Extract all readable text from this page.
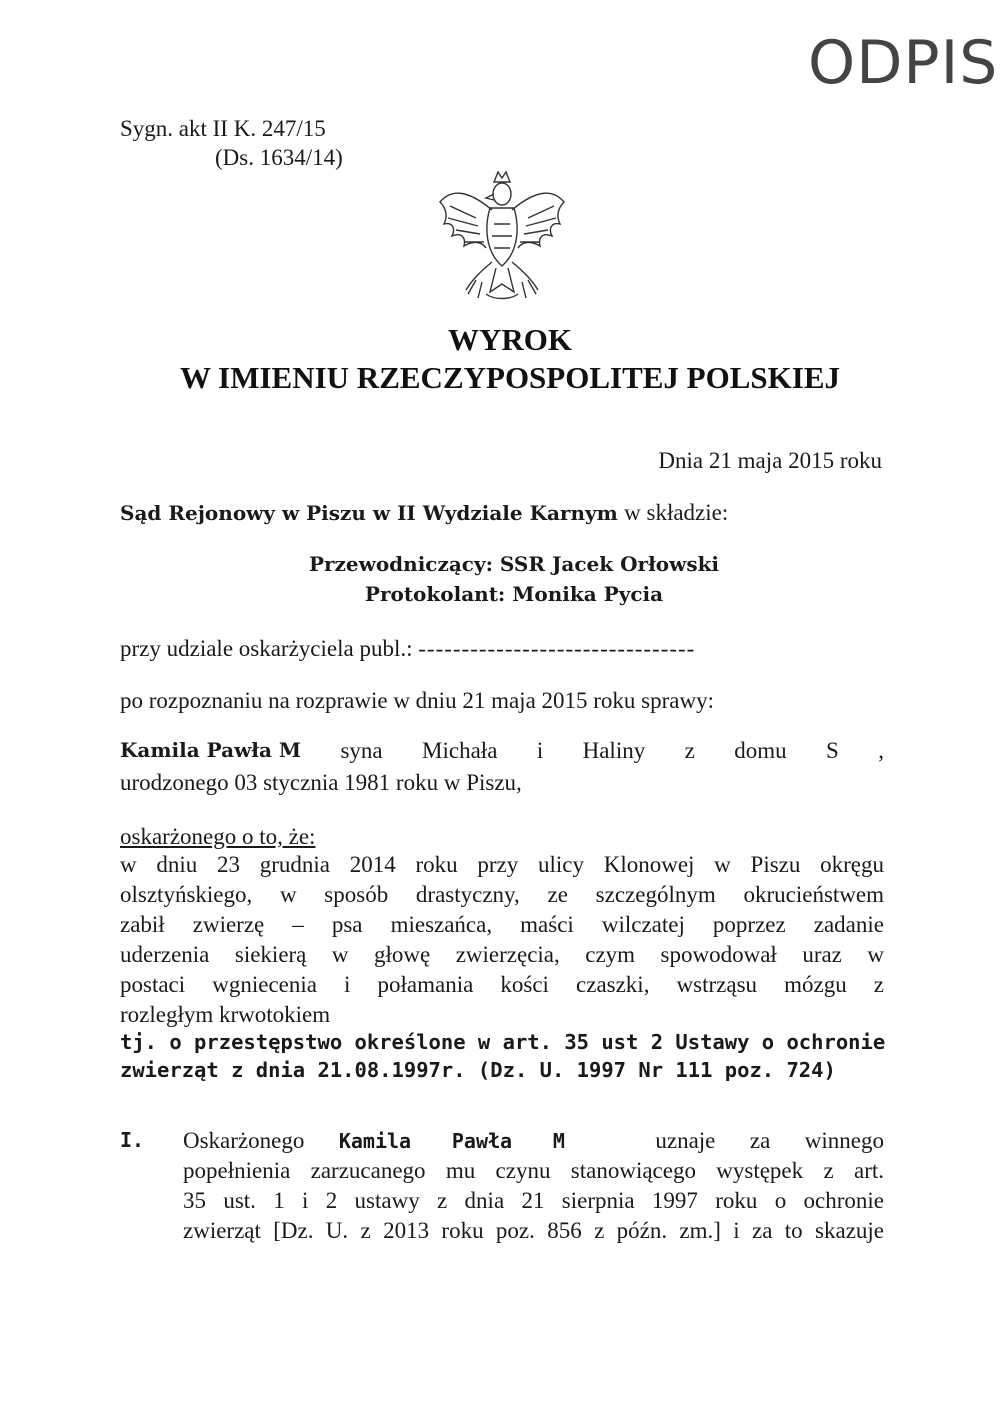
ODPIS
Sygn. akt II K. 247/15
(Ds. 1634/14)
WYROK
W IMIENIU RZECZYPOSPOLITEJ POLSKIEJ
Dnia 21 maja 2015 roku
Sąd Rejonowy w Piszu w II Wydziale Karnym w składzie:
Przewodniczący: SSR Jacek Orłowski
Protokolant: Monika Pycia
przy udziale oskarżyciela publ.: --------------------------------
po rozpoznaniu na rozprawie w dniu 21 maja 2015 roku sprawy:
Kamila Pawła M syna Michała i Haliny z domu S ,
urodzonego 03 stycznia 1981 roku w Piszu,
oskarżonego o to, że:
w dniu 23 grudnia 2014 roku przy ulicy Klonowej w Piszu okręgu
olsztyńskiego, w sposób drastyczny, ze szczególnym okrucieństwem
zabił zwierzę – psa mieszańca, maści wilczatej poprzez zadanie
uderzenia siekierą w głowę zwierzęcia, czym spowodował uraz w
postaci wgniecenia i połamania kości czaszki, wstrząsu mózgu z
rozległym krwotokiem
tj. o przestępstwo określone w art. 35 ust 2 Ustawy o ochronie
zwierząt z dnia 21.08.1997r. (Dz. U. 1997 Nr 111 poz. 724)
I. Oskarżonego Kamila Pawła M	uznaje za winnego
popełnienia zarzucanego mu czynu stanowiącego występek z art.
35 ust. 1 i 2 ustawy z dnia 21 sierpnia 1997 roku o ochronie
zwierząt [Dz. U. z 2013 roku poz. 856 z późn. zm.] i za to skazuje
